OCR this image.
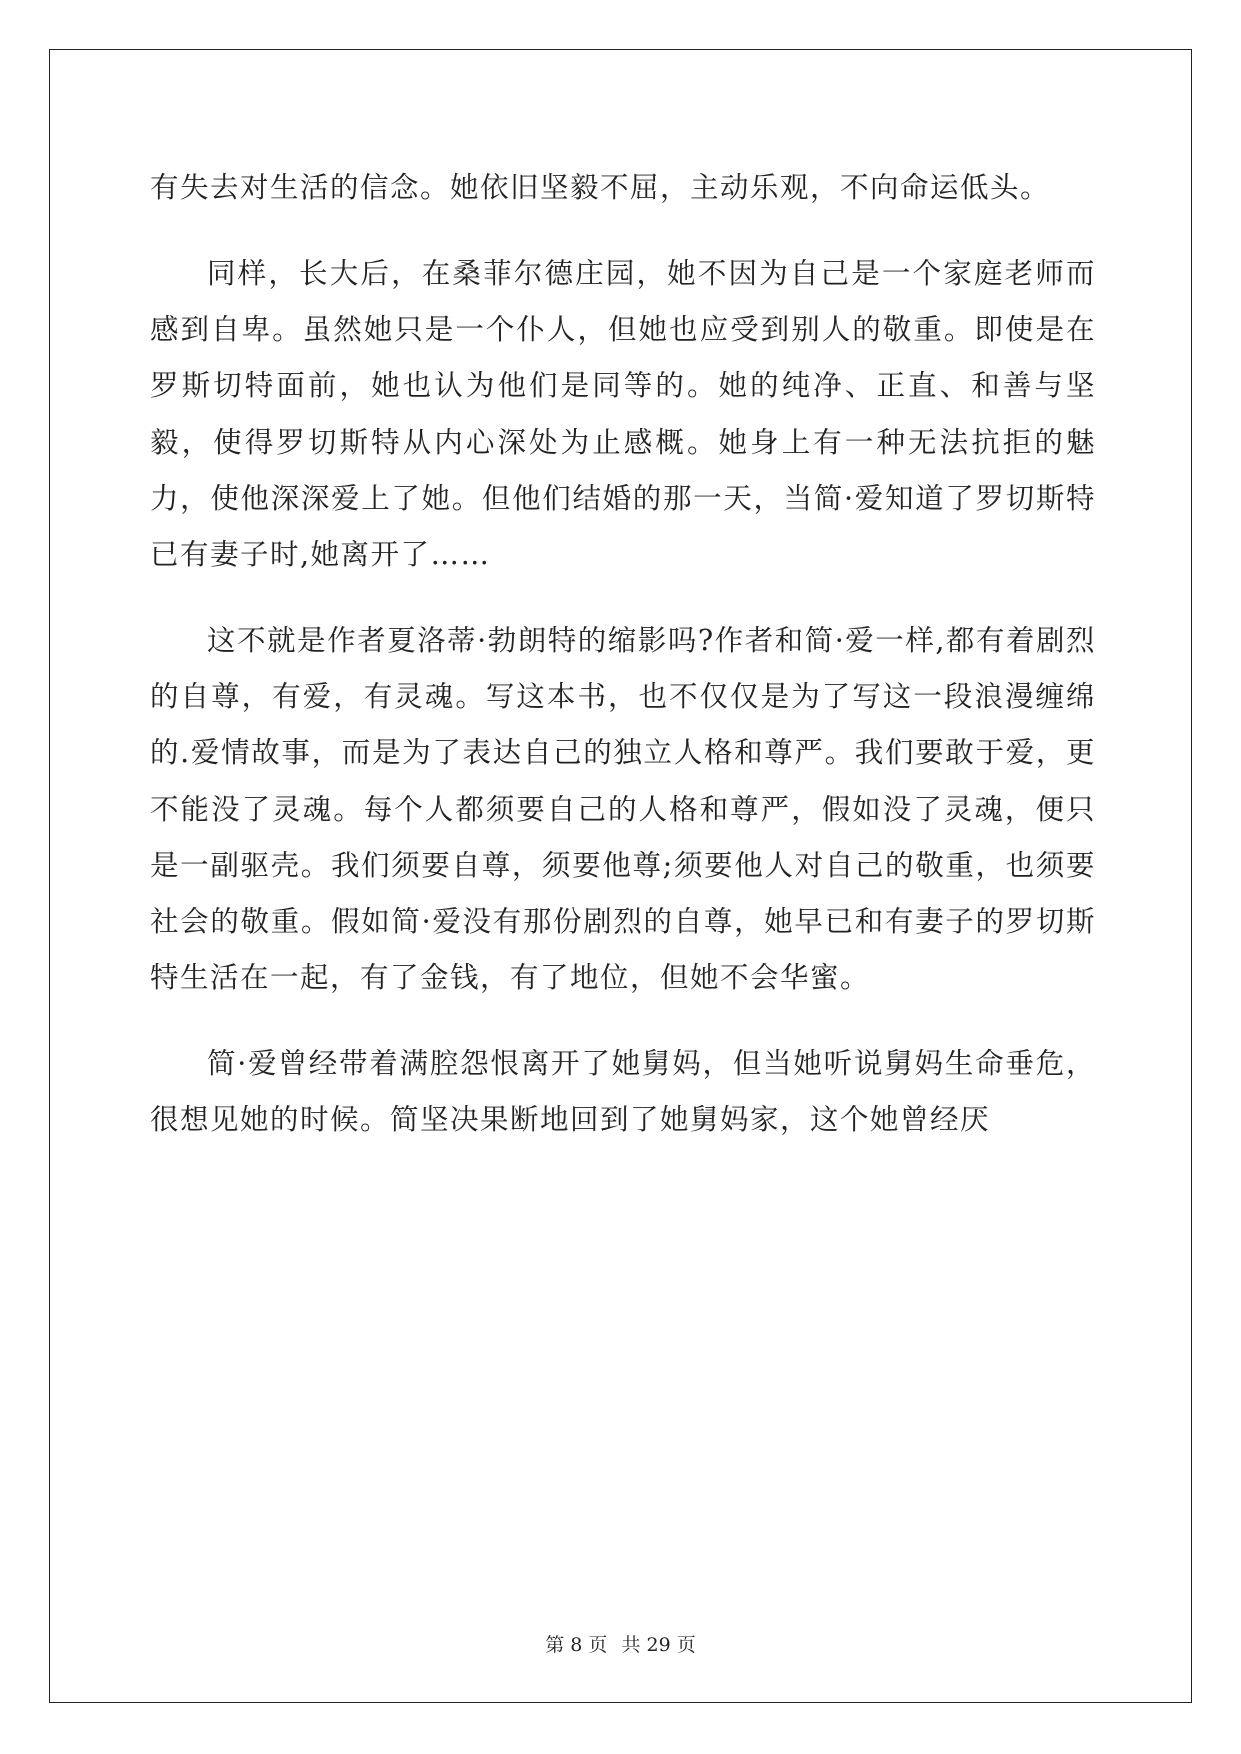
有失去对生活的信念。她依旧坚毅不屈，主动乐观，不向命运低头。

同样，长大后，在桑菲尔德庄园，她不因为自己是一个家庭老师而感到自卑。虽然她只是一个仆人，但她也应受到别人的敬重。即使是在罗斯切特面前，她也认为他们是同等的。她的纯净、正直、和善与坚毅，使得罗切斯特从内心深处为止感概。她身上有一种无法抗拒的魅力，使他深深爱上了她。但他们结婚的那一天，当简·爱知道了罗切斯特已有妻子时,她离开了……

这不就是作者夏洛蒂·勃朗特的缩影吗?作者和简·爱一样,都有着剧烈的自尊，有爱，有灵魂。写这本书，也不仅仅是为了写这一段浪漫缠绵的.爱情故事，而是为了表达自己的独立人格和尊严。我们要敢于爱，更不能没了灵魂。每个人都须要自己的人格和尊严，假如没了灵魂，便只是一副驱壳。我们须要自尊，须要他尊;须要他人对自己的敬重，也须要社会的敬重。假如简·爱没有那份剧烈的自尊，她早已和有妻子的罗切斯特生活在一起，有了金钱，有了地位，但她不会华蜜。

简·爱曾经带着满腔怨恨离开了她舅妈，但当她听说舅妈生命垂危，很想见她的时候。简坚决果断地回到了她舅妈家，这个她曾经厌

第 8 页 共 29 页
